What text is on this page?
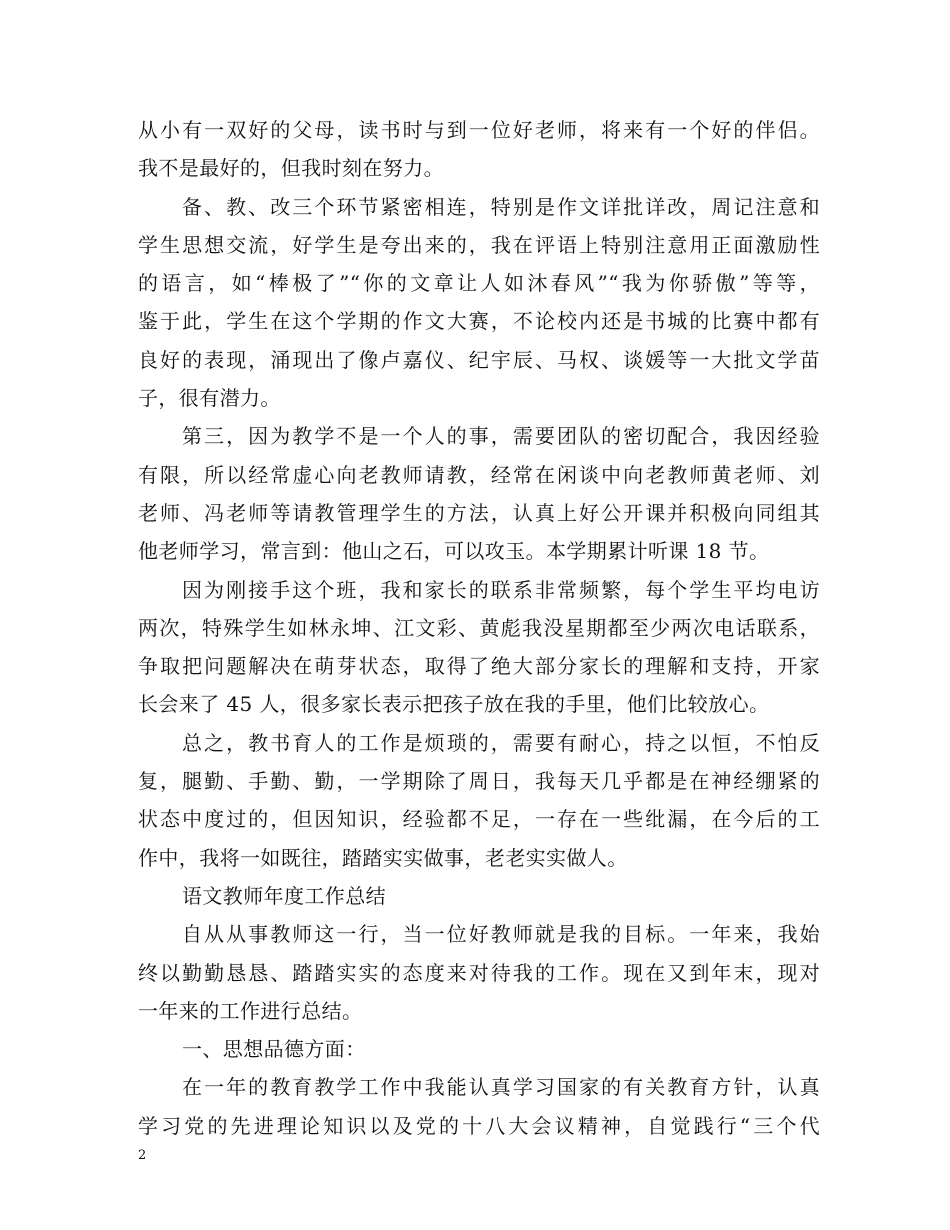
从小有一双好的父母，读书时与到一位好老师，将来有一个好的伴侣。
我不是最好的，但我时刻在努力。
备、教、改三个环节紧密相连，特别是作文详批详改，周记注意和
学生思想交流，好学生是夸出来的，我在评语上特别注意用正面激励性
的语言，如“棒极了”“你的文章让人如沐春风”“我为你骄傲”等等，
鉴于此，学生在这个学期的作文大赛，不论校内还是书城的比赛中都有
良好的表现，涌现出了像卢嘉仪、纪宇辰、马权、谈媛等一大批文学苗
子，很有潜力。
第三，因为教学不是一个人的事，需要团队的密切配合，我因经验
有限，所以经常虚心向老教师请教，经常在闲谈中向老教师黄老师、刘
老师、冯老师等请教管理学生的方法，认真上好公开课并积极向同组其
他老师学习，常言到：他山之石，可以攻玉。本学期累计听课 18 节。
因为刚接手这个班，我和家长的联系非常频繁，每个学生平均电访
两次，特殊学生如林永坤、江文彩、黄彪我没星期都至少两次电话联系，
争取把问题解决在萌芽状态，取得了绝大部分家长的理解和支持，开家
长会来了 45 人，很多家长表示把孩子放在我的手里，他们比较放心。
总之，教书育人的工作是烦琐的，需要有耐心，持之以恒，不怕反
复，腿勤、手勤、勤，一学期除了周日，我每天几乎都是在神经绷紧的
状态中度过的，但因知识，经验都不足，一存在一些纰漏，在今后的工
作中，我将一如既往，踏踏实实做事，老老实实做人。
语文教师年度工作总结
自从从事教师这一行，当一位好教师就是我的目标。一年来，我始
终以勤勤恳恳、踏踏实实的态度来对待我的工作。现在又到年末，现对
一年来的工作进行总结。
一、思想品德方面：
在一年的教育教学工作中我能认真学习国家的有关教育方针，认真
学习党的先进理论知识以及党的十八大会议精神，自觉践行“三个代
2
